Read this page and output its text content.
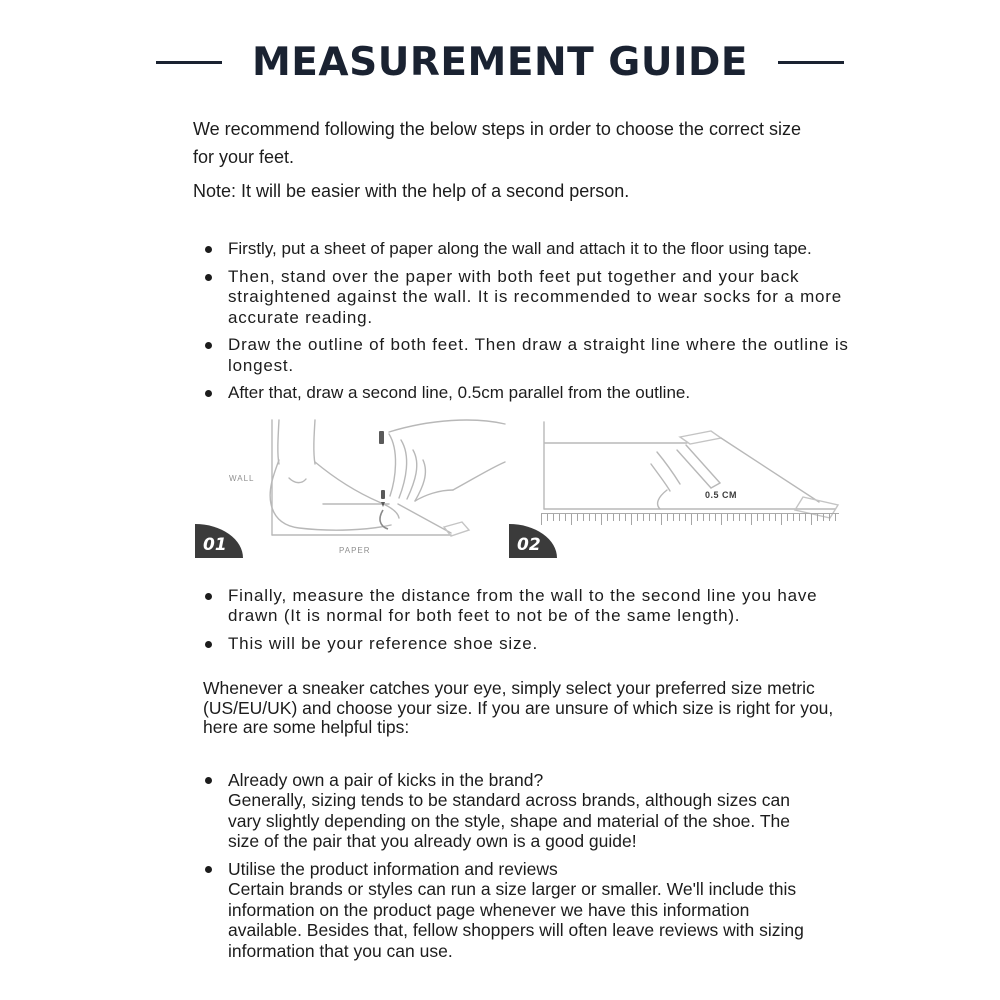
MEASUREMENT GUIDE

We recommend following the below steps in order to choose the correct size for your feet.

Note: It will be easier with the help of a second person.

Firstly, put a sheet of paper along the wall and attach it to the floor using tape.
Then, stand over the paper with both feet put together and your back straightened against the wall. It is recommended to wear socks for a more accurate reading.
Draw the outline of both feet. Then draw a straight line where the outline is longest.
After that, draw a second line, 0.5cm parallel from the outline.
WALL
PAPER
01
0.5 CM
02
Finally, measure the distance from the wall to the second line you have drawn (It is normal for both feet to not be of the same length).
This will be your reference shoe size.

Whenever a sneaker catches your eye, simply select your preferred size metric (US/EU/UK) and choose your size. If you are unsure of which size is right for you, here are some helpful tips:

Already own a pair of kicks in the brand?
Generally, sizing tends to be standard across brands, although sizes can vary slightly depending on the style, shape and material of the shoe. The size of the pair that you already own is a good guide!
Utilise the product information and reviews
Certain brands or styles can run a size larger or smaller. We'll include this information on the product page whenever we have this information available. Besides that, fellow shoppers will often leave reviews with sizing information that you can use.
